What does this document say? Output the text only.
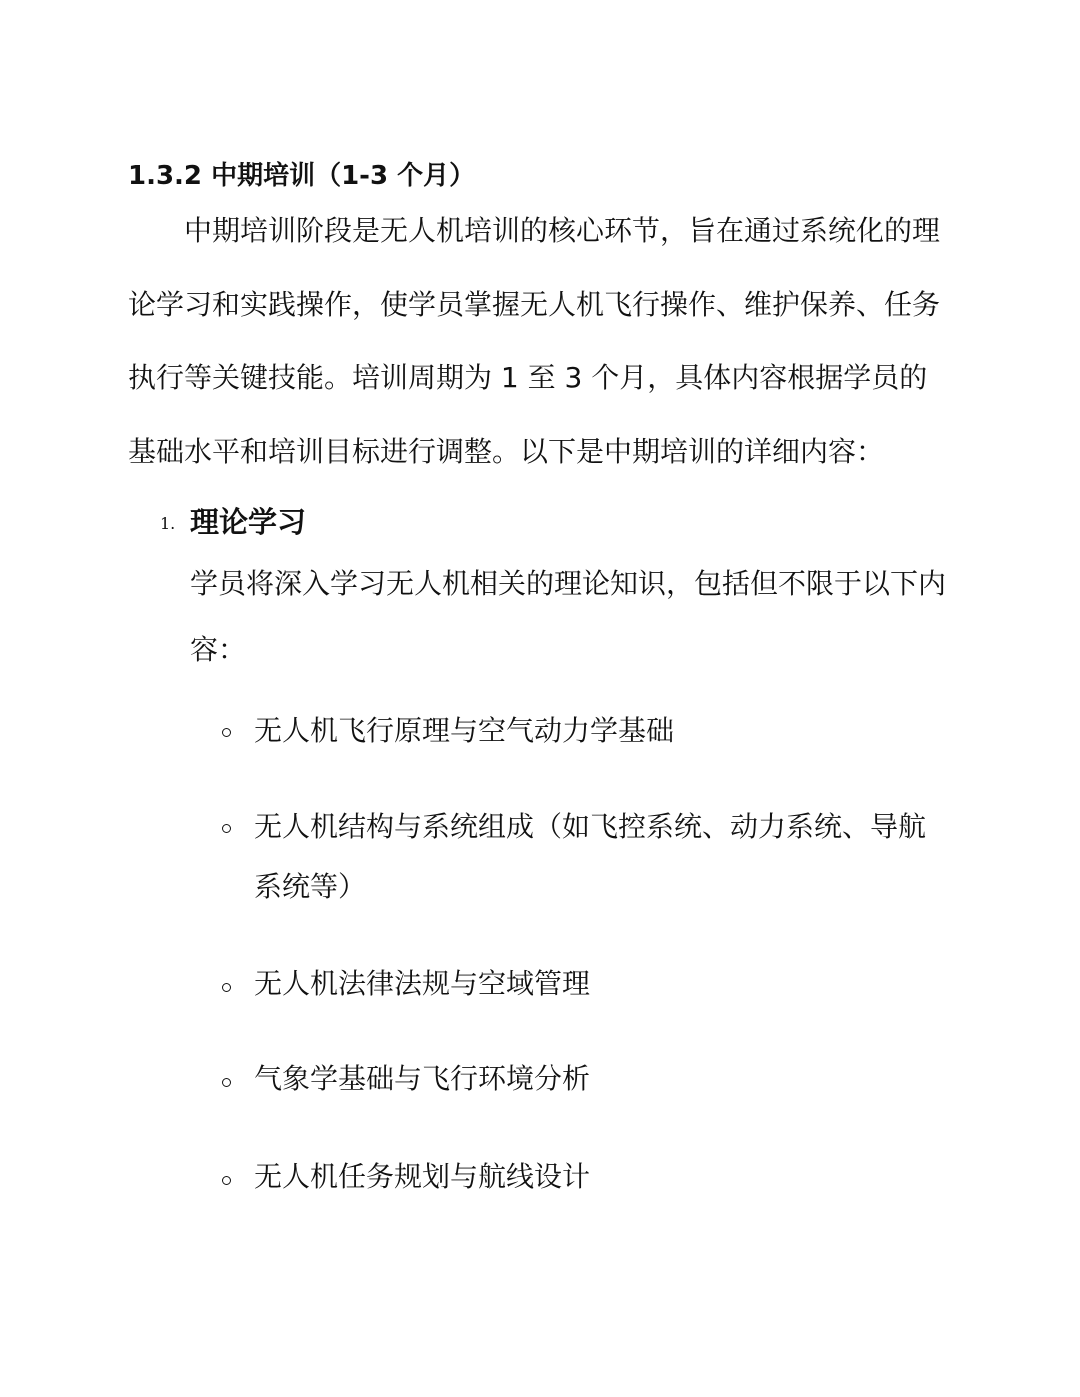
1.3.2 中期培训（1-3 个月）
　　中期培训阶段是无人机培训的核心环节，旨在通过系统化的理
论学习和实践操作，使学员掌握无人机飞行操作、维护保养、任务
执行等关键技能。培训周期为 1 至 3 个月，具体内容根据学员的
基础水平和培训目标进行调整。以下是中期培训的详细内容：
1. 理论学习
学员将深入学习无人机相关的理论知识，包括但不限于以下内
容：
无人机飞行原理与空气动力学基础
无人机结构与系统组成（如飞控系统、动力系统、导航
系统等）
无人机法律法规与空域管理
气象学基础与飞行环境分析
无人机任务规划与航线设计
